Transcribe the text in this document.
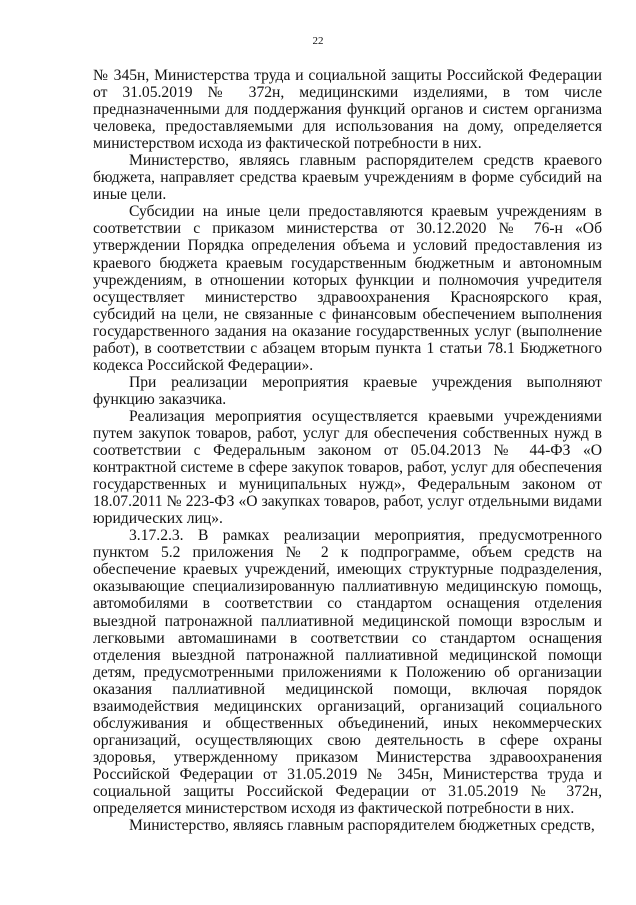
22

№ 345н, Министерства труда и социальной защиты Российской Федерации от 31.05.2019 № 372н, медицинскими изделиями, в том числе предназначенными для поддержания функций органов и систем организма человека, предоставляемыми для использования на дому, определяется министерством исхода из фактической потребности в них.

Министерство, являясь главным распорядителем средств краевого бюджета, направляет средства краевым учреждениям в форме субсидий на иные цели.

Субсидии на иные цели предоставляются краевым учреждениям в соответствии с приказом министерства от 30.12.2020 № 76-н «Об утверждении Порядка определения объема и условий предоставления из краевого бюджета краевым государственным бюджетным и автономным учреждениям, в отношении которых функции и полномочия учредителя осуществляет министерство здравоохранения Красноярского края, субсидий на цели, не связанные с финансовым обеспечением выполнения государственного задания на оказание государственных услуг (выполнение работ), в соответствии с абзацем вторым пункта 1 статьи 78.1 Бюджетного кодекса Российской Федерации».

При реализации мероприятия краевые учреждения выполняют функцию заказчика.

Реализация мероприятия осуществляется краевыми учреждениями путем закупок товаров, работ, услуг для обеспечения собственных нужд в соответствии с Федеральным законом от 05.04.2013 № 44-ФЗ «О контрактной системе в сфере закупок товаров, работ, услуг для обеспечения государственных и муниципальных нужд», Федеральным законом от 18.07.2011 № 223-ФЗ «О закупках товаров, работ, услуг отдельными видами юридических лиц».

3.17.2.3. В рамках реализации мероприятия, предусмотренного пунктом 5.2 приложения № 2 к подпрограмме, объем средств на обеспечение краевых учреждений, имеющих структурные подразделения, оказывающие специализированную паллиативную медицинскую помощь, автомобилями в соответствии со стандартом оснащения отделения выездной патронажной паллиативной медицинской помощи взрослым и легковыми автомашинами в соответствии со стандартом оснащения отделения выездной патронажной паллиативной медицинской помощи детям, предусмотренными приложениями к Положению об организации оказания паллиативной медицинской помощи, включая порядок взаимодействия медицинских организаций, организаций социального обслуживания и общественных объединений, иных некоммерческих организаций, осуществляющих свою деятельность в сфере охраны здоровья, утвержденному приказом Министерства здравоохранения Российской Федерации от 31.05.2019 № 345н, Министерства труда и социальной защиты Российской Федерации от 31.05.2019 № 372н, определяется министерством исходя из фактической потребности в них.

Министерство, являясь главным распорядителем бюджетных средств,
